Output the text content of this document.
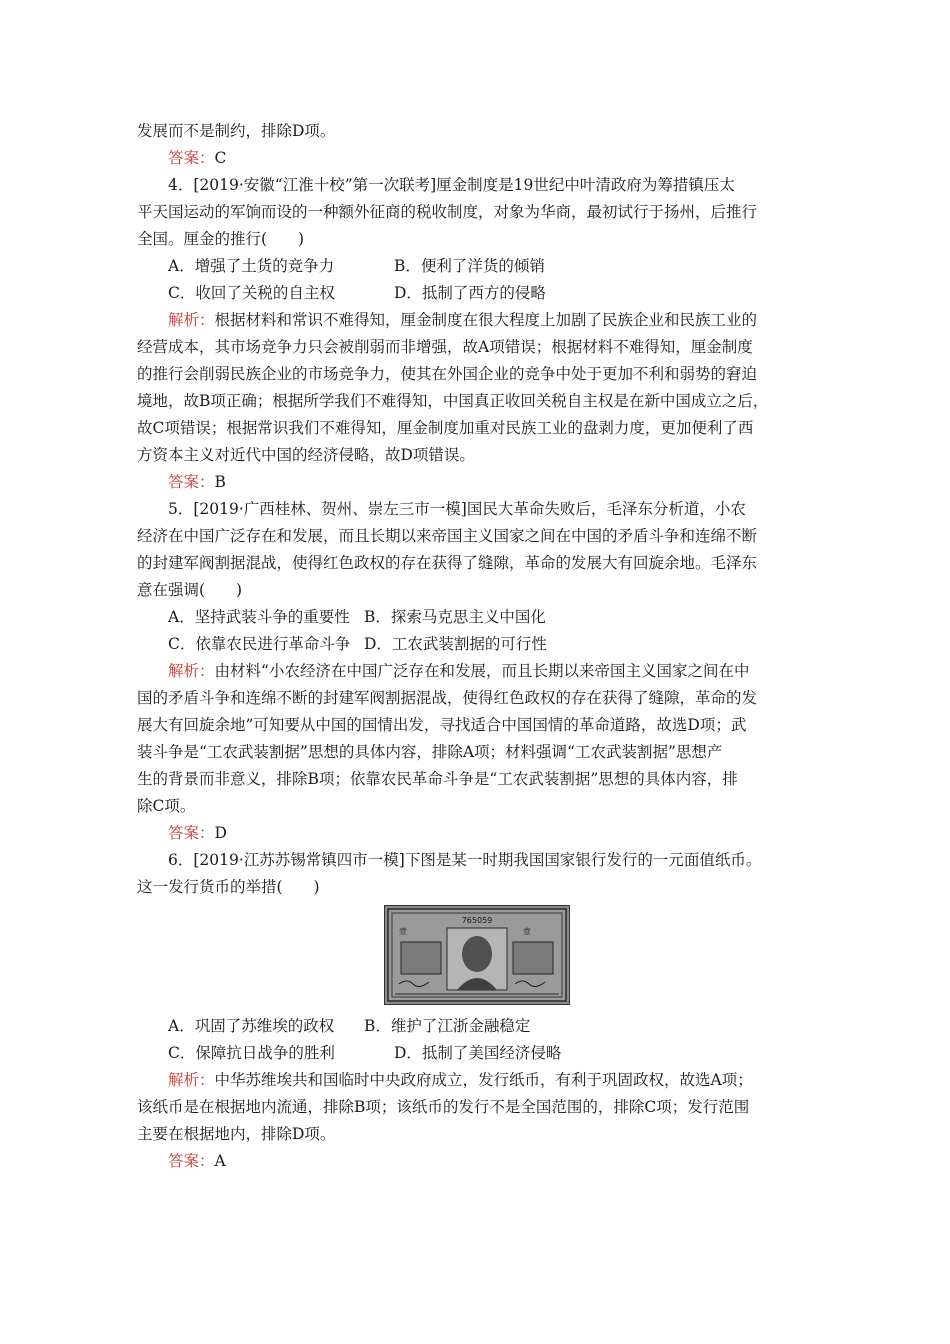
发展而不是制约，排除D项。
答案：C
4．[2019·安徽“江淮十校”第一次联考]厘金制度是19世纪中叶清政府为筹措镇压太
平天国运动的军饷而设的一种额外征商的税收制度，对象为华商，最初试行于扬州，后推行
全国。厘金的推行(　　)
A．增强了土货的竞争力	B．便利了洋货的倾销
C．收回了关税的自主权	D．抵制了西方的侵略
解析：根据材料和常识不难得知，厘金制度在很大程度上加剧了民族企业和民族工业的
经营成本，其市场竞争力只会被削弱而非增强，故A项错误；根据材料不难得知，厘金制度
的推行会削弱民族企业的市场竞争力，使其在外国企业的竞争中处于更加不利和弱势的窘迫
境地，故B项正确；根据所学我们不难得知，中国真正收回关税自主权是在新中国成立之后，
故C项错误；根据常识我们不难得知，厘金制度加重对民族工业的盘剥力度，更加便利了西
方资本主义对近代中国的经济侵略，故D项错误。
答案：B
5．[2019·广西桂林、贺州、崇左三市一模]国民大革命失败后，毛泽东分析道，小农
经济在中国广泛存在和发展，而且长期以来帝国主义国家之间在中国的矛盾斗争和连绵不断
的封建军阀割据混战，使得红色政权的存在获得了缝隙，革命的发展大有回旋余地。毛泽东
意在强调(　　)
A．坚持武装斗争的重要性 B．探索马克思主义中国化
C．依靠农民进行革命斗争 D．工农武装割据的可行性
解析：由材料“小农经济在中国广泛存在和发展，而且长期以来帝国主义国家之间在中
国的矛盾斗争和连绵不断的封建军阀割据混战，使得红色政权的存在获得了缝隙，革命的发
展大有回旋余地”可知要从中国的国情出发，寻找适合中国国情的革命道路，故选D项；武
装斗争是“工农武装割据”思想的具体内容，排除A项；材料强调“工农武装割据”思想产
生的背景而非意义，排除B项；依靠农民革命斗争是“工农武装割据”思想的具体内容，排
除C项。
答案：D
6．[2019·江苏苏锡常镇四市一模]下图是某一时期我国国家银行发行的一元面值纸币。
这一发行货币的举措(　　)
765059
壹	壹
A．巩固了苏维埃的政权 B．维护了江浙金融稳定
C．保障抗日战争的胜利	D．抵制了美国经济侵略
解析：中华苏维埃共和国临时中央政府成立，发行纸币，有利于巩固政权，故选A项；
该纸币是在根据地内流通，排除B项；该纸币的发行不是全国范围的，排除C项；发行范围
主要在根据地内，排除D项。
答案：A
